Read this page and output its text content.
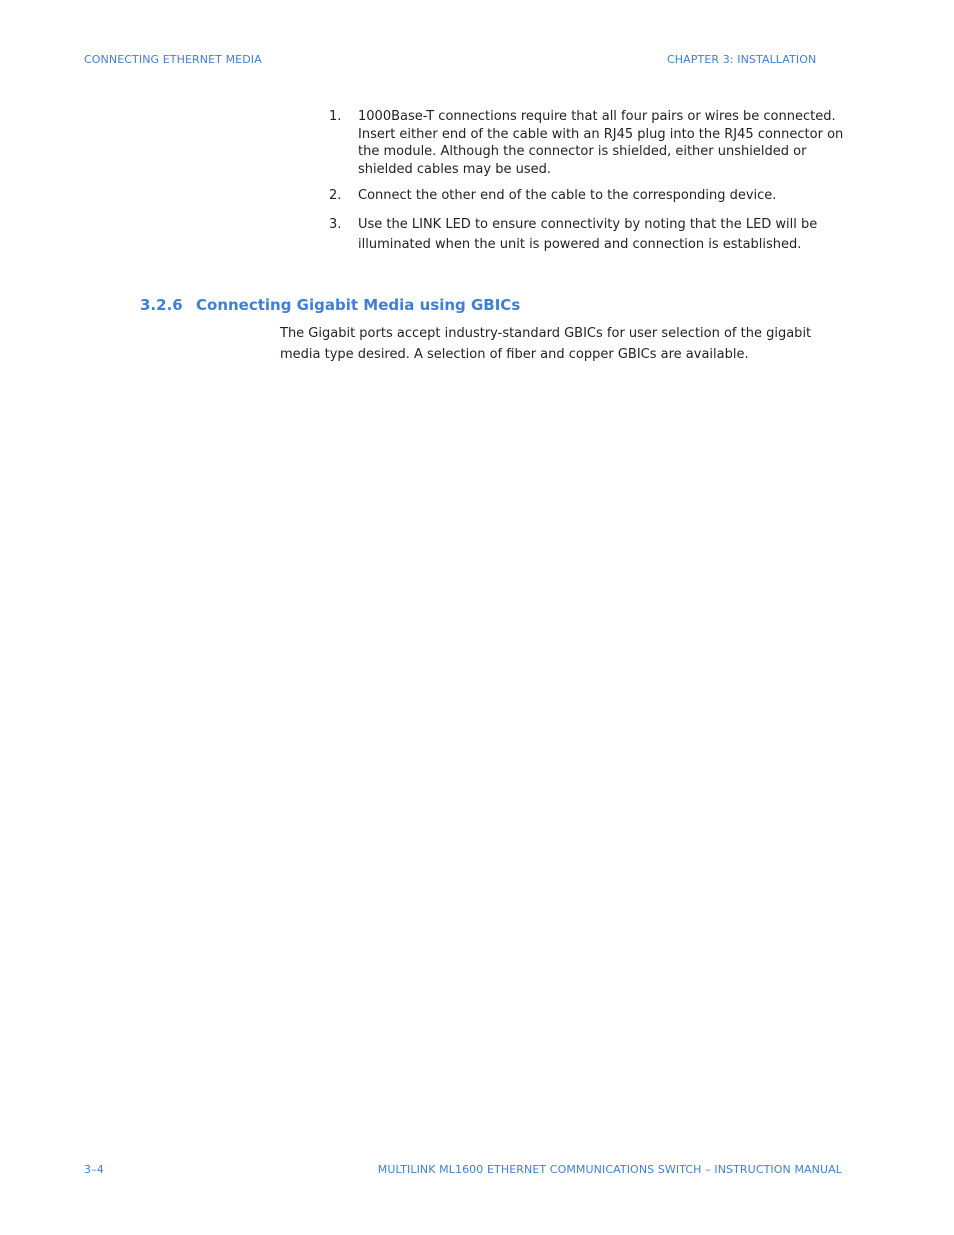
CONNECTING ETHERNET MEDIA	CHAPTER 3: INSTALLATION
1. 1000Base-T connections require that all four pairs or wires be connected. Insert either end of the cable with an RJ45 plug into the RJ45 connector on the module. Although the connector is shielded, either unshielded or shielded cables may be used.
2. Connect the other end of the cable to the corresponding device.
3. Use the LINK LED to ensure connectivity by noting that the LED will be illuminated when the unit is powered and connection is established.
3.2.6 Connecting Gigabit Media using GBICs

The Gigabit ports accept industry-standard GBICs for user selection of the gigabit media type desired. A selection of fiber and copper GBICs are available.

3–4	MULTILINK ML1600 ETHERNET COMMUNICATIONS SWITCH – INSTRUCTION MANUAL
